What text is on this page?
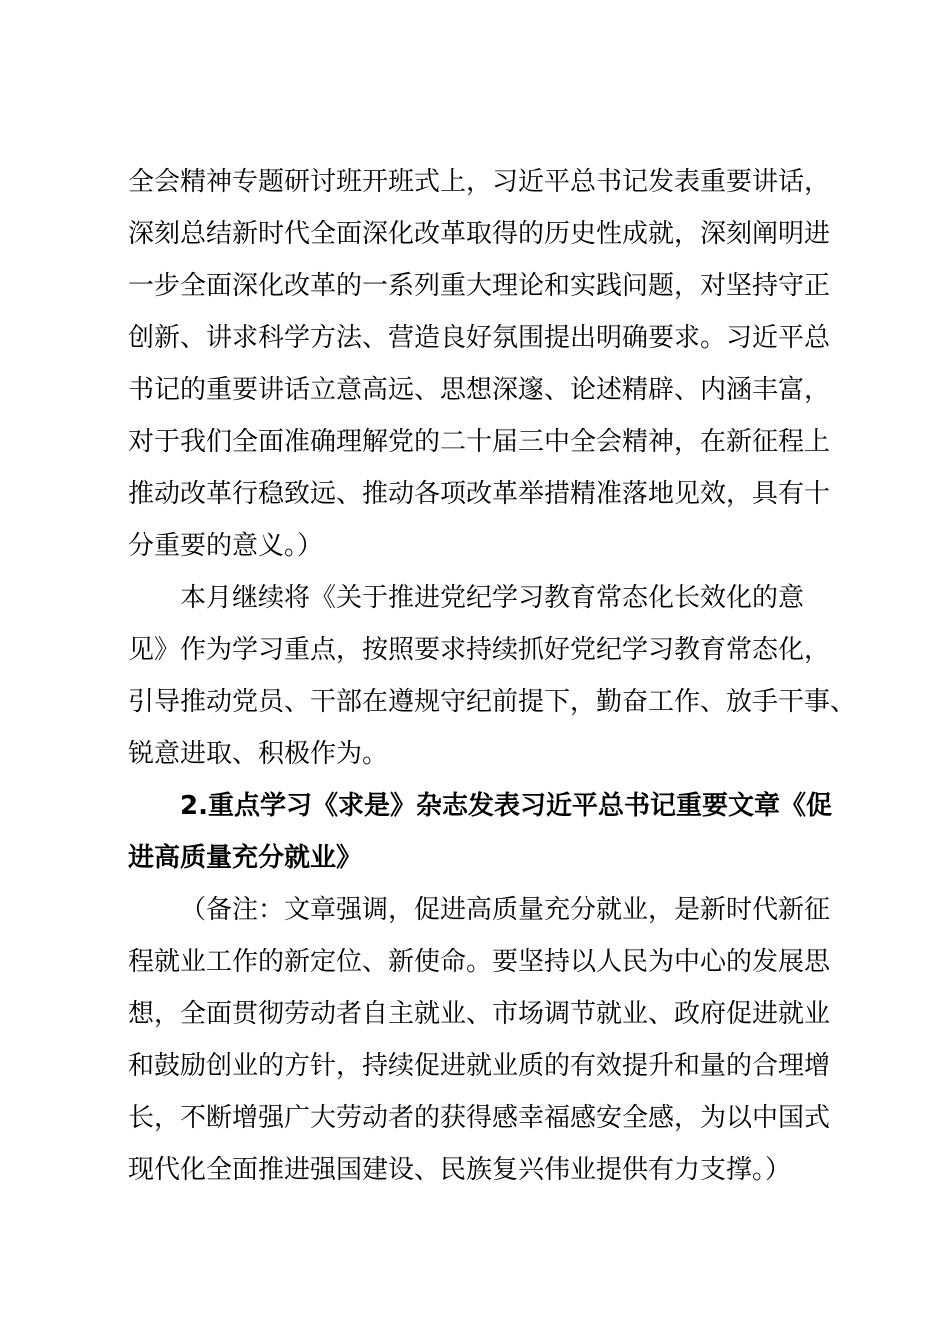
全会精神专题研讨班开班式上，习近平总书记发表重要讲话，
深刻总结新时代全面深化改革取得的历史性成就，深刻阐明进
一步全面深化改革的一系列重大理论和实践问题，对坚持守正
创新、讲求科学方法、营造良好氛围提出明确要求。习近平总
书记的重要讲话立意高远、思想深邃、论述精辟、内涵丰富，
对于我们全面准确理解党的二十届三中全会精神，在新征程上
推动改革行稳致远、推动各项改革举措精准落地见效，具有十
分重要的意义。）
本月继续将《关于推进党纪学习教育常态化长效化的意
见》作为学习重点，按照要求持续抓好党纪学习教育常态化，
引导推动党员、干部在遵规守纪前提下，勤奋工作、放手干事、
锐意进取、积极作为。
2.重点学习《求是》杂志发表习近平总书记重要文章《促
进高质量充分就业》
（备注：文章强调，促进高质量充分就业，是新时代新征
程就业工作的新定位、新使命。要坚持以人民为中心的发展思
想，全面贯彻劳动者自主就业、市场调节就业、政府促进就业
和鼓励创业的方针，持续促进就业质的有效提升和量的合理增
长，不断增强广大劳动者的获得感幸福感安全感，为以中国式
现代化全面推进强国建设、民族复兴伟业提供有力支撑。）
